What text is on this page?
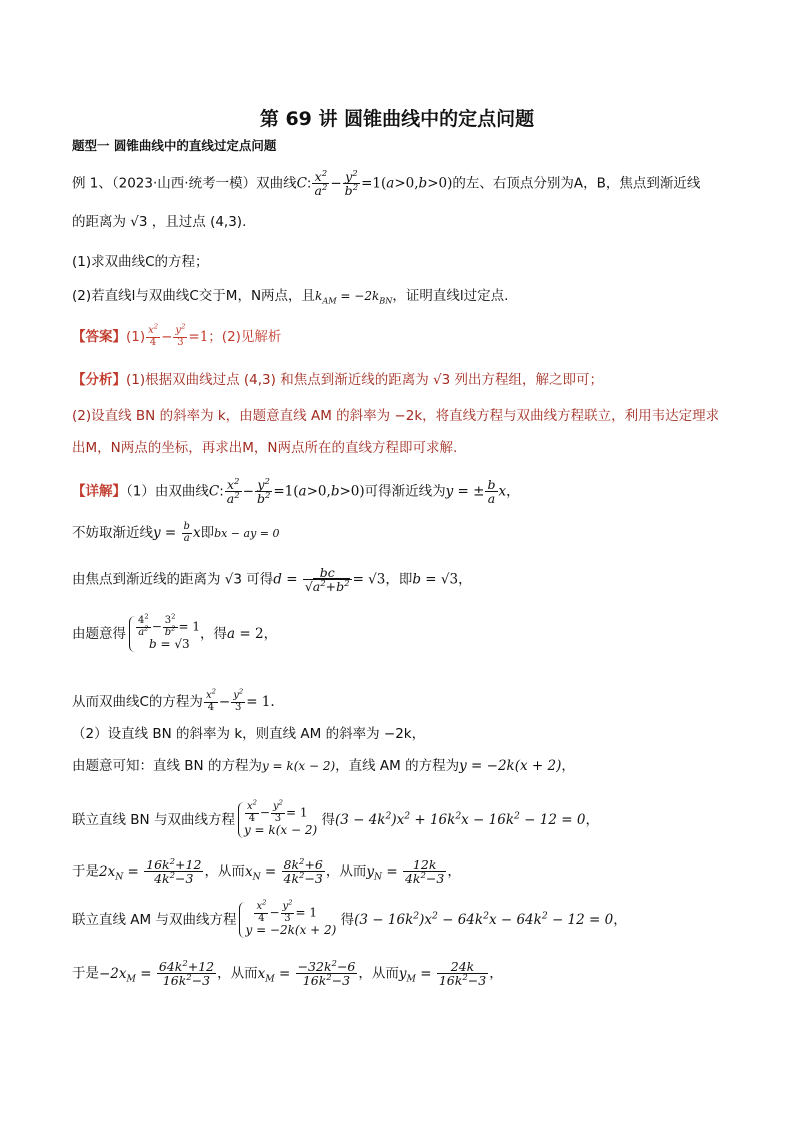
第 69 讲 圆锥曲线中的定点问题
题型一 圆锥曲线中的直线过定点问题
例 1、（2023·山西·统考一模）双曲线C: $\frac{x^2}{a^2} - \frac{y^2}{b^2} =1(a>0,b>0)$的左、右顶点分别为A，B，焦点到渐近线
的距离为 √3 ，且过点 (4,3).
(1)求双曲线C的方程；
(2)若直线l与双曲线C交于M，N两点，且$k_{AM} = -2k_{BN}$，证明直线l过定点.
【答案】$(1) \frac{x^2}{4} - \frac{y^2}{3} =1$；(2)见解析
【分析】(1)根据双曲线过点 (4,3) 和焦点到渐近线的距离为 √3 列出方程组，解之即可；
(2)设直线 BN 的斜率为 k，由题意直线 AM 的斜率为 −2k，将直线方程与双曲线方程联立，利用韦达定理求
出M，N两点的坐标，再求出M，N两点所在的直线方程即可求解.
【详解】（1）由双曲线C: $\frac{x^2}{a^2} - \frac{y^2}{b^2} =1(a>0,b>0)$可得渐近线为y = ± $\frac{b}{a}$ x，
不妨取渐近线$y = \frac{b}{a}$ x即bx − ay = 0
由焦点到渐近线的距离为 √3 可得$d = \frac{bc}{√a^2+b^2} = √3$，即b = √3，
由题意得 $\frac{4^2}{a^2} - \frac{3^2}{b^2} = 1$
b = √3
，得a = 2，
从而双曲线C的方程为 $\frac{x^2}{4} - \frac{y^2}{3} = 1$.
（2）设直线 BN 的斜率为 k，则直线 AM 的斜率为 −2k，
由题意可知：直线 BN 的方程为y = k(x − 2)，直线 AM 的方程为y = −2k(x + 2)，
联立直线 BN 与双曲线方程 $\frac{x^2}{4} - \frac{y^2}{3} = 1$
y = k(x − 2)
得$(3 - 4k^2)x^2 + 16k^2x - 16k^2 - 12 = 0$，
于是$2x_N = \frac{16k^2+12}{4k^2-3}$ ，从而$x_N = \frac{8k^2+6}{4k^2-3}$ ，从而$y_N = \frac{12k}{4k^2-3}$ ，
联立直线 AM 与双曲线方程 $\frac{x^2}{4} - \frac{y^2}{3} = 1$
y = −2k(x + 2)
得$(3 - 16k^2)x^2 - 64k^2x - 64k^2 - 12 = 0$，
于是$-2x_M = \frac{64k^2+12}{16k^2-3}$ ，从而$x_M = \frac{-32k^2-6}{16k^2-3}$ ，从而$y_M = \frac{24k}{16k^2-3}$ ，
